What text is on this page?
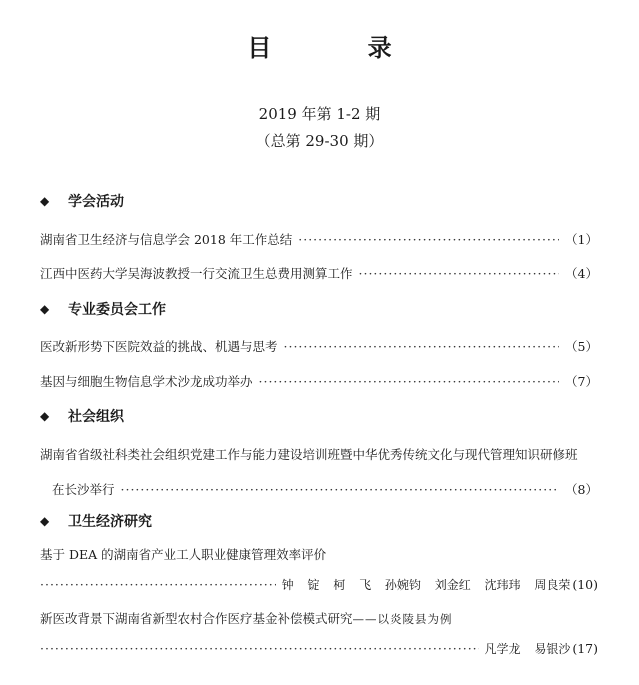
目 录
2019 年第 1-2 期
（总第 29-30 期）
◆ 学会活动
湖南省卫生经济与信息学会 2018 年工作总结 ·····	（1）
江西中医药大学吴海波教授一行交流卫生总费用测算工作 ·····	（4）
◆ 专业委员会工作
医改新形势下医院效益的挑战、机遇与思考 ·····	（5）
基因与细胞生物信息学术沙龙成功举办 ·····	（7）
◆ 社会组织
湖南省省级社科类社会组织党建工作与能力建设培训班暨中华优秀传统文化与现代管理知识研修班
在长沙举行 ·····	（8）
◆ 卫生经济研究
基于 DEA 的湖南省产业工人职业健康管理效率评价
·····
钟 锭 柯 飞 孙婉钧 刘金红 沈玮玮 周良荣 (10)
新医改背景下湖南省新型农村合作医疗基金补偿模式研究——以炎陵县为例
·····
凡学龙 易银沙 (17)
